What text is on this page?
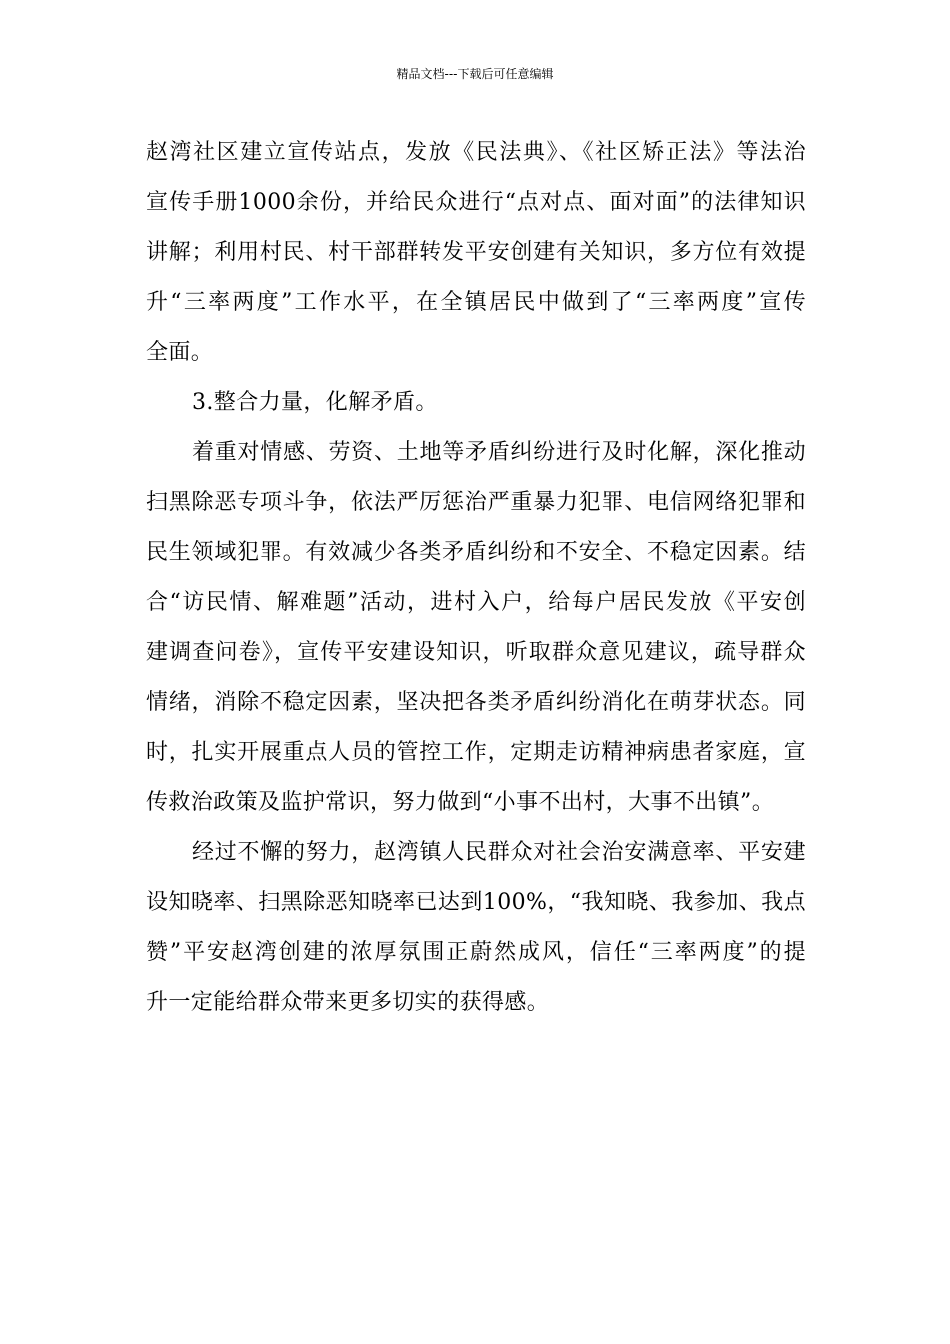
精品文档---下载后可任意编辑
赵湾社区建立宣传站点，发放《民法典》、《社区矫正法》等法治
宣传手册1000余份，并给民众进行“点对点、面对面”的法律知识
讲解；利用村民、村干部群转发平安创建有关知识，多方位有效提
升“三率两度”工作水平，在全镇居民中做到了“三率两度”宣传
全面。
3.整合力量，化解矛盾。
着重对情感、劳资、土地等矛盾纠纷进行及时化解，深化推动
扫黑除恶专项斗争，依法严厉惩治严重暴力犯罪、电信网络犯罪和
民生领域犯罪。有效减少各类矛盾纠纷和不安全、不稳定因素。结
合“访民情、解难题”活动，进村入户，给每户居民发放《平安创
建调查问卷》，宣传平安建设知识，听取群众意见建议，疏导群众
情绪，消除不稳定因素，坚决把各类矛盾纠纷消化在萌芽状态。同
时，扎实开展重点人员的管控工作，定期走访精神病患者家庭，宣
传救治政策及监护常识，努力做到“小事不出村，大事不出镇”。
经过不懈的努力，赵湾镇人民群众对社会治安满意率、平安建
设知晓率、扫黑除恶知晓率已达到100%，“我知晓、我参加、我点
赞”平安赵湾创建的浓厚氛围正蔚然成风，信任“三率两度”的提
升一定能给群众带来更多切实的获得感。
